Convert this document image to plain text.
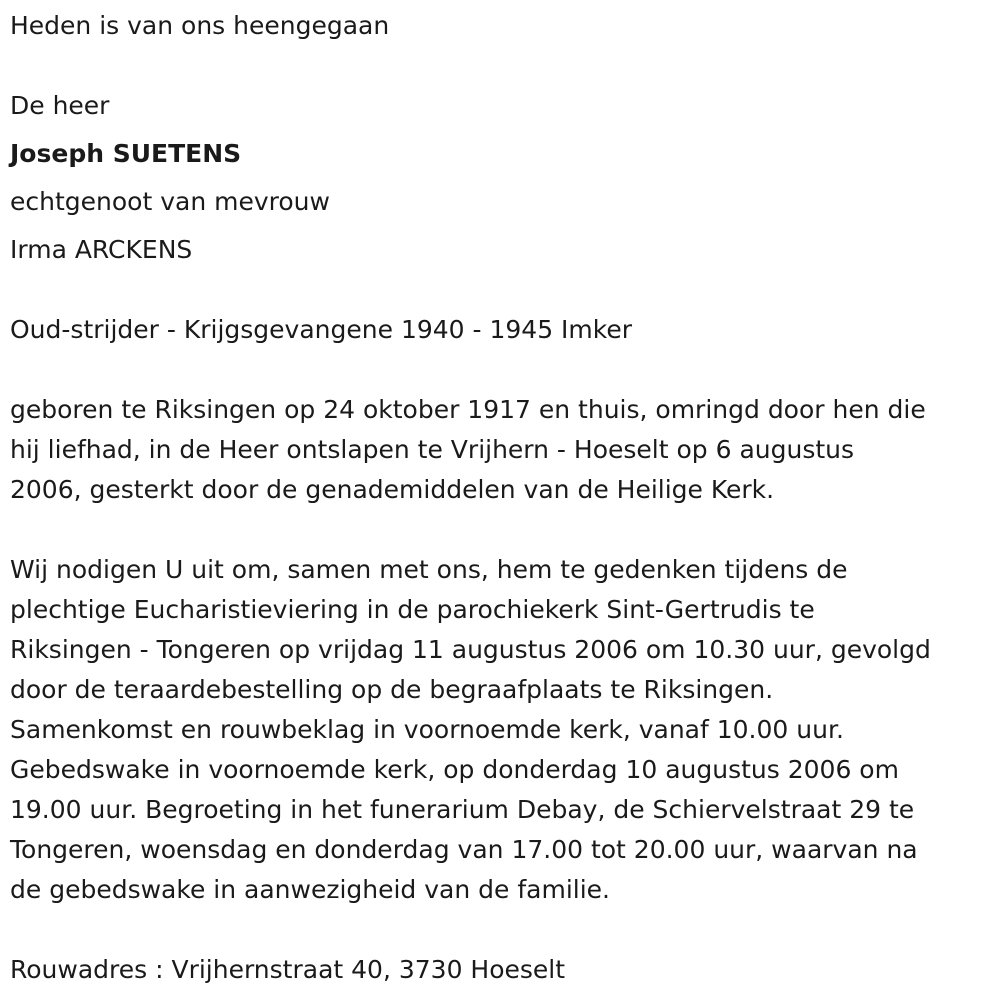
Heden is van ons heengegaan

De heer

Joseph SUETENS

echtgenoot van mevrouw

Irma ARCKENS

Oud-strijder - Krijgsgevangene 1940 - 1945 Imker

geboren te Riksingen op 24 oktober 1917 en thuis, omringd door hen die

hij liefhad, in de Heer ontslapen te Vrijhern - Hoeselt op 6 augustus

2006, gesterkt door de genademiddelen van de Heilige Kerk.

Wij nodigen U uit om, samen met ons, hem te gedenken tijdens de

plechtige Eucharistieviering in de parochiekerk Sint-Gertrudis te

Riksingen - Tongeren op vrijdag 11 augustus 2006 om 10.30 uur, gevolgd

door de teraardebestelling op de begraafplaats te Riksingen.

Samenkomst en rouwbeklag in voornoemde kerk, vanaf 10.00 uur.

Gebedswake in voornoemde kerk, op donderdag 10 augustus 2006 om

19.00 uur. Begroeting in het funerarium Debay, de Schiervelstraat 29 te

Tongeren, woensdag en donderdag van 17.00 tot 20.00 uur, waarvan na

de gebedswake in aanwezigheid van de familie.

Rouwadres : Vrijhernstraat 40, 3730 Hoeselt
